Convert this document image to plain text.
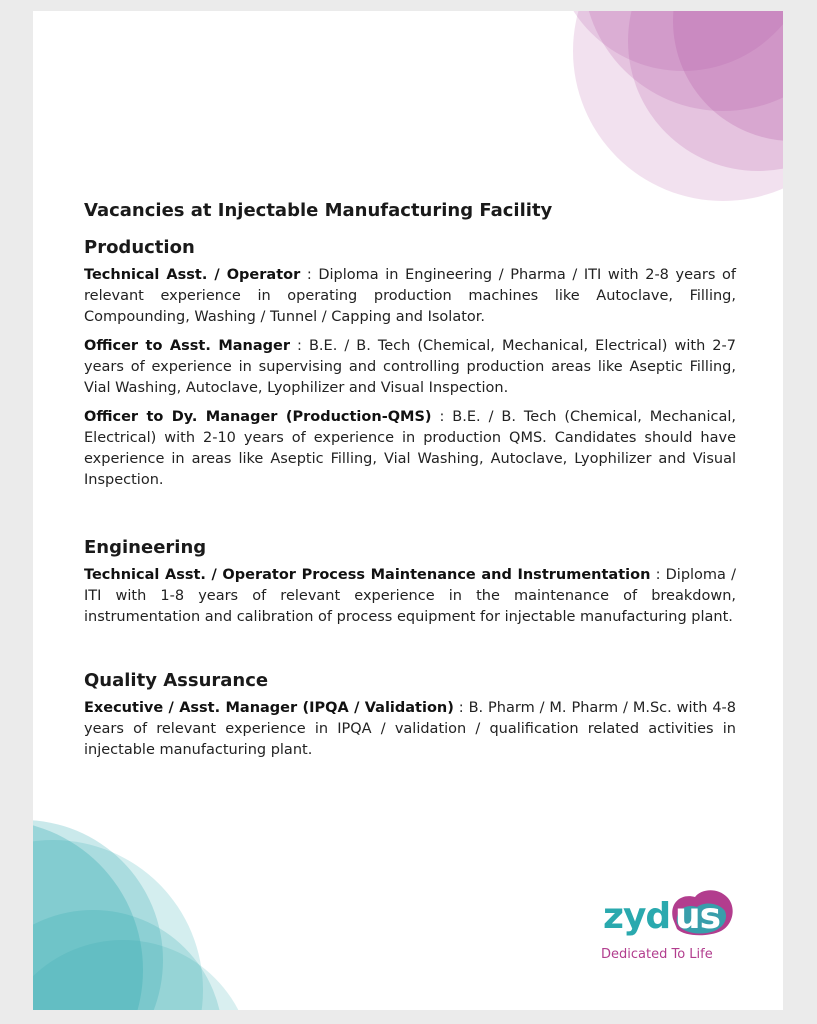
Vacancies at Injectable Manufacturing Facility
Production

Technical Asst. / Operator : Diploma in Engineering / Pharma / ITI with 2-8 years of relevant experience in operating production machines like Autoclave, Filling, Compounding, Washing / Tunnel / Capping and Isolator.

Officer to Asst. Manager : B.E. / B. Tech (Chemical, Mechanical, Electrical) with 2-7 years of experience in supervising and controlling production areas like Aseptic Filling, Vial Washing, Autoclave, Lyophilizer and Visual Inspection.

Officer to Dy. Manager (Production-QMS) : B.E. / B. Tech (Chemical, Mechanical, Electrical) with 2-10 years of experience in production QMS. Candidates should have experience in areas like Aseptic Filling, Vial Washing, Autoclave, Lyophilizer and Visual Inspection.

Engineering

Technical Asst. / Operator Process Maintenance and Instrumentation : Diploma / ITI with 1-8 years of relevant experience in the maintenance of breakdown, instrumentation and calibration of process equipment for injectable manufacturing plant.

Quality Assurance

Executive / Asst. Manager (IPQA / Validation) : B. Pharm / M. Pharm / M.Sc. with 4-8 years of relevant experience in IPQA / validation / qualification related activities in injectable manufacturing plant.

zyd us
Dedicated To Life
